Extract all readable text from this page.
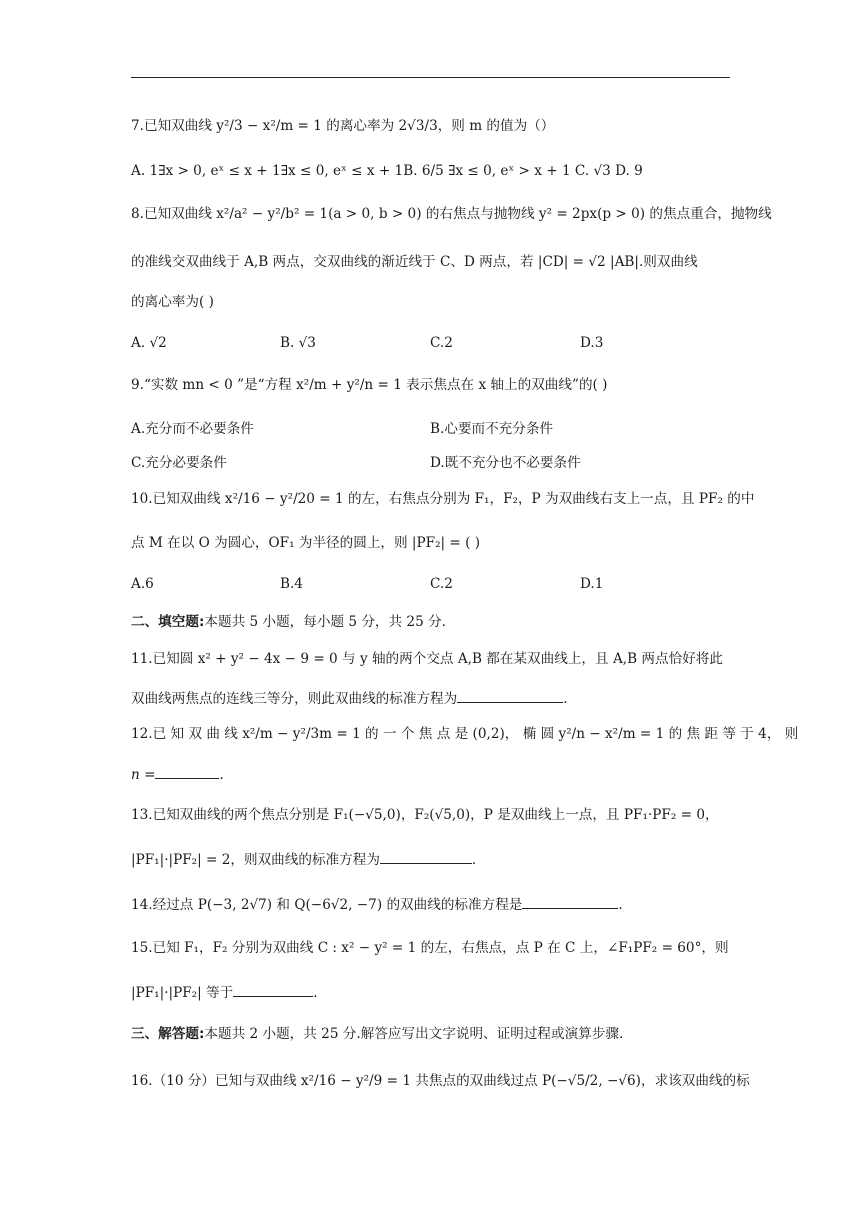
7.已知双曲线 y²/3 − x²/m = 1 的离心率为 2√3/3，则 m 的值为（）
A. 1∃x > 0, eˣ ≤ x + 1∃x ≤ 0, eˣ ≤ x + 1B. 6/5 ∃x ≤ 0, eˣ > x + 1 C. √3 D. 9
8.已知双曲线 x²/a² − y²/b² = 1(a > 0, b > 0) 的右焦点与抛物线 y² = 2px(p > 0) 的焦点重合，抛物线
的准线交双曲线于 A,B 两点，交双曲线的渐近线于 C、D 两点，若 |CD| = √2 |AB|.则双曲线
的离心率为( )
A. √2	B. √3	C.2	D.3
9.“实数 mn < 0 ”是“方程 x²/m + y²/n = 1 表示焦点在 x 轴上的双曲线”的( )
A.充分而不必要条件	B.心要而不充分条件
C.充分必要条件	D.既不充分也不必要条件
10.已知双曲线 x²/16 − y²/20 = 1 的左，右焦点分别为 F₁，F₂，P 为双曲线右支上一点，且 PF₂ 的中
点 M 在以 O 为圆心，OF₁ 为半径的圆上，则 |PF₂| = ( )
A.6	B.4	C.2	D.1
二、填空题:本题共 5 小题，每小题 5 分，共 25 分.
11.已知圆 x² + y² − 4x − 9 = 0 与 y 轴的两个交点 A,B 都在某双曲线上，且 A,B 两点恰好将此
双曲线两焦点的连线三等分，则此双曲线的标准方程为	.
12.已 知 双 曲 线 x²/m − y²/3m = 1 的 一 个 焦 点 是 (0,2)， 椭 圆 y²/n − x²/m = 1 的 焦 距 等 于 4， 则
n =	.
13.已知双曲线的两个焦点分别是 F₁(−√5,0)，F₂(√5,0)，P 是双曲线上一点，且 PF₁·PF₂ = 0，
|PF₁|·|PF₂| = 2，则双曲线的标准方程为	.
14.经过点 P(−3, 2√7) 和 Q(−6√2, −7) 的双曲线的标准方程是	.
15.已知 F₁，F₂ 分别为双曲线 C : x² − y² = 1 的左，右焦点，点 P 在 C 上，∠F₁PF₂ = 60°，则
|PF₁|·|PF₂| 等于	.
三、解答题:本题共 2 小题，共 25 分.解答应写出文字说明、证明过程或演算步骤.
16.（10 分）已知与双曲线 x²/16 − y²/9 = 1 共焦点的双曲线过点 P(−√5/2, −√6)，求该双曲线的标
